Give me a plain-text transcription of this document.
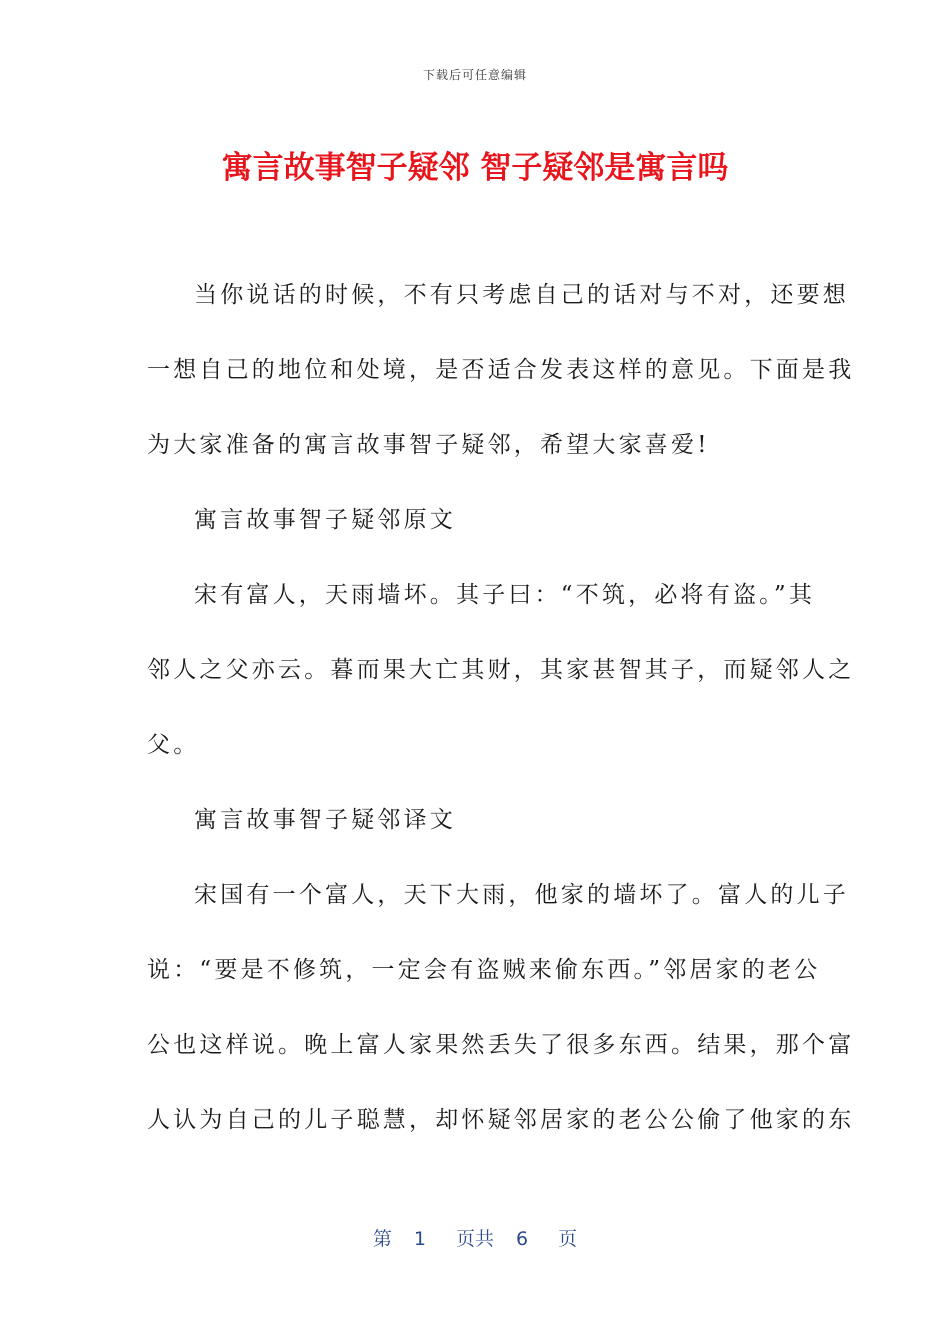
下载后可任意编辑
寓言故事智子疑邻 智子疑邻是寓言吗
当你说话的时候，不有只考虑自己的话对与不对，还要想
一想自己的地位和处境，是否适合发表这样的意见。下面是我
为大家准备的寓言故事智子疑邻，希望大家喜爱!
寓言故事智子疑邻原文
宋有富人，天雨墙坏。其子曰：“不筑，必将有盗。”其
邻人之父亦云。暮而果大亡其财，其家甚智其子，而疑邻人之
父。
寓言故事智子疑邻译文
宋国有一个富人，天下大雨，他家的墙坏了。富人的儿子
说：“要是不修筑，一定会有盗贼来偷东西。”邻居家的老公
公也这样说。晚上富人家果然丢失了很多东西。结果，那个富
人认为自己的儿子聪慧，却怀疑邻居家的老公公偷了他家的东
第 1 页共 6 页
